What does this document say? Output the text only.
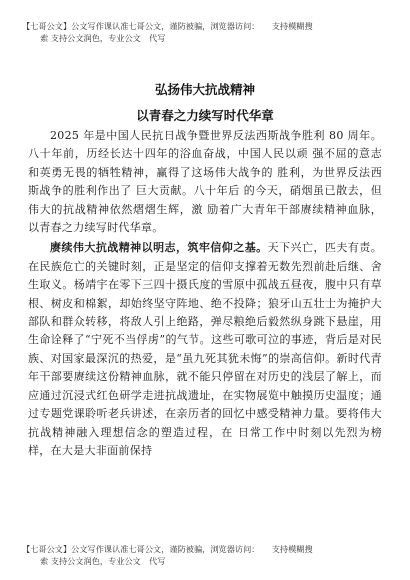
【七哥公文】公文写作课认准七哥公文，谨防被骗，浏览器访问：　　支持模糊搜
索 支持公文润色，专业公文　代写
弘扬伟大抗战精神
以青春之力续写时代华章

2025 年是中国人民抗日战争暨世界反法西斯战争胜利 80 周年。八十年前，历经长达十四年的浴血奋战，中国人民以顽 强不屈的意志和英勇无畏的牺牲精神，赢得了这场伟大战争的 胜利，为世界反法西斯战争的胜利作出了 巨大贡献。八十年后 的今天，硝烟虽已散去，但伟大的抗战精神依然熠熠生辉，激 励着广大青年干部赓续精神血脉， 以青春之力续写时代华章。

赓续伟大抗战精神以明志，筑牢信仰之基。天下兴亡，匹夫有责。在民族危亡的关键时刻，正是坚定的信仰支撑着无数先烈前赴后继、舍生取义。杨靖宇在零下三四十摄氏度的雪原中孤战五昼夜，腹中只有草根、树皮和棉絮，却始终坚守阵地、绝不投降；狼牙山五壮士为掩护大部队和群众转移，将敌人引上绝路，弹尽粮绝后毅然纵身跳下悬崖，用生命诠释了“宁死不当俘虏”的气节。这些可歌可泣的事迹，背后是对民族、对国家最深沉的热爱，是“虽九死其犹未悔”的崇高信仰。新时代青年干部要赓续这份精神血脉，就不能只停留在对历史的浅层了解上，而应通过沉浸式红色研学走进抗战遗址，在实物展览中触摸历史温度；通过专题党课聆听老兵讲述，在亲历者的回忆中感受精神力量。要将伟大抗战精神融入理想信念的塑造过程，在 日常工作中时刻以先烈为榜样，在大是大非面前保持

【七哥公文】公文写作课认准七哥公文，谨防被骗，浏览器访问：　　支持模糊搜
索 支持公文润色，专业公文　代写
